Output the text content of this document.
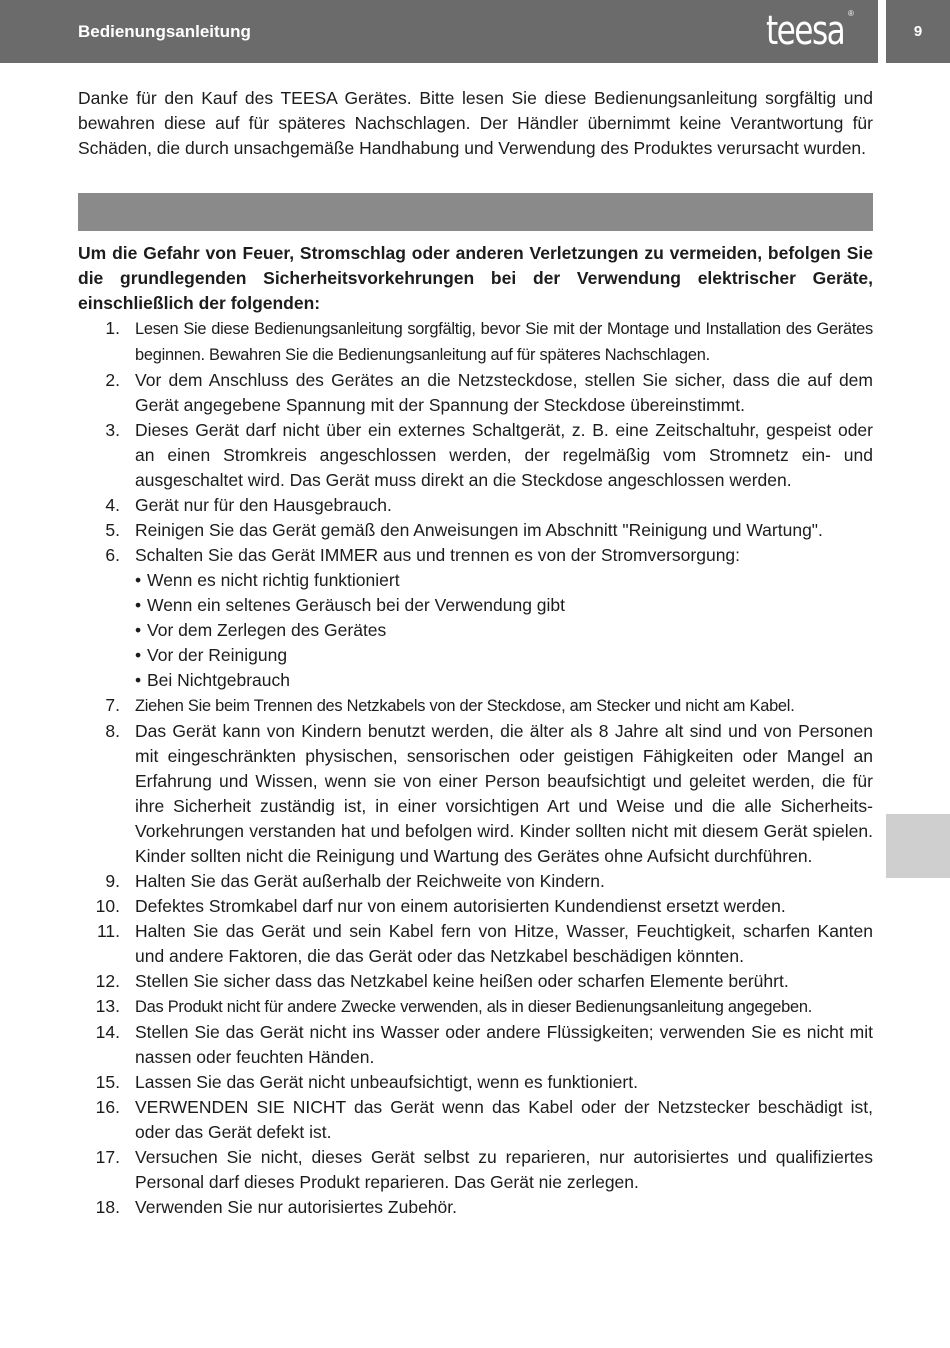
Bedienungsanleitung	teesa ®
9

Danke für den Kauf des TEESA Gerätes. Bitte lesen Sie diese Bedienungsanleitung sorgfältig und bewahren diese auf für späteres Nachschlagen. Der Händler übernimmt keine Verantwortung für Schäden, die durch unsachgemäße Handhabung und Verwendung des Produktes verursacht wurden.

Um die Gefahr von Feuer, Stromschlag oder anderen Verletzungen zu vermeiden, befolgen Sie die grundlegenden Sicherheitsvorkehrungen bei der Verwendung elektrischer Geräte, einschließlich der folgenden:

1. Lesen Sie diese Bedienungsanleitung sorgfältig, bevor Sie mit der Montage und Installation des Gerätes beginnen. Bewahren Sie die Bedienungsanleitung auf für späteres Nachschlagen.
2. Vor dem Anschluss des Gerätes an die Netzsteckdose, stellen Sie sicher, dass die auf dem Gerät angegebene Spannung mit der Spannung der Steckdose übereinstimmt.
3. Dieses Gerät darf nicht über ein externes Schaltgerät, z. B. eine Zeitschaltuhr, gespeist oder an einen Stromkreis angeschlossen werden, der regelmäßig vom Stromnetz ein- und ausgeschaltet wird. Das Gerät muss direkt an die Steckdose angeschlossen werden.
4. Gerät nur für den Hausgebrauch.
5. Reinigen Sie das Gerät gemäß den Anweisungen im Abschnitt "Reinigung und Wartung".
6. Schalten Sie das Gerät IMMER aus und trennen es von der Stromversorgung:
• Wenn es nicht richtig funktioniert
• Wenn ein seltenes Geräusch bei der Verwendung gibt
• Vor dem Zerlegen des Gerätes
• Vor der Reinigung
• Bei Nichtgebrauch
7. Ziehen Sie beim Trennen des Netzkabels von der Steckdose, am Stecker und nicht am Kabel.
8. Das Gerät kann von Kindern benutzt werden, die älter als 8 Jahre alt sind und von Personen mit eingeschränkten physischen, sensorischen oder geistigen Fähigkeiten oder Mangel an Erfahrung und Wissen, wenn sie von einer Person beaufsichtigt und geleitet werden, die für ihre Sicherheit zuständig ist, in einer vorsichtigen Art und Weise und die alle Sicherheits-Vorkehrungen verstanden hat und befolgen wird. Kinder sollten nicht mit diesem Gerät spielen. Kinder sollten nicht die Reinigung und Wartung des Gerätes ohne Aufsicht durchführen.
9. Halten Sie das Gerät außerhalb der Reichweite von Kindern.
10. Defektes Stromkabel darf nur von einem autorisierten Kundendienst ersetzt werden.
11. Halten Sie das Gerät und sein Kabel fern von Hitze, Wasser, Feuchtigkeit, scharfen Kanten und andere Faktoren, die das Gerät oder das Netzkabel beschädigen könnten.
12. Stellen Sie sicher dass das Netzkabel keine heißen oder scharfen Elemente berührt.
13. Das Produkt nicht für andere Zwecke verwenden, als in dieser Bedienungsanleitung angegeben.
14. Stellen Sie das Gerät nicht ins Wasser oder andere Flüssigkeiten; verwenden Sie es nicht mit nassen oder feuchten Händen.
15. Lassen Sie das Gerät nicht unbeaufsichtigt, wenn es funktioniert.
16. VERWENDEN SIE NICHT das Gerät wenn das Kabel oder der Netzstecker beschädigt ist, oder das Gerät defekt ist.
17. Versuchen Sie nicht, dieses Gerät selbst zu reparieren, nur autorisiertes und qualifiziertes Personal darf dieses Produkt reparieren. Das Gerät nie zerlegen.
18. Verwenden Sie nur autorisiertes Zubehör.
